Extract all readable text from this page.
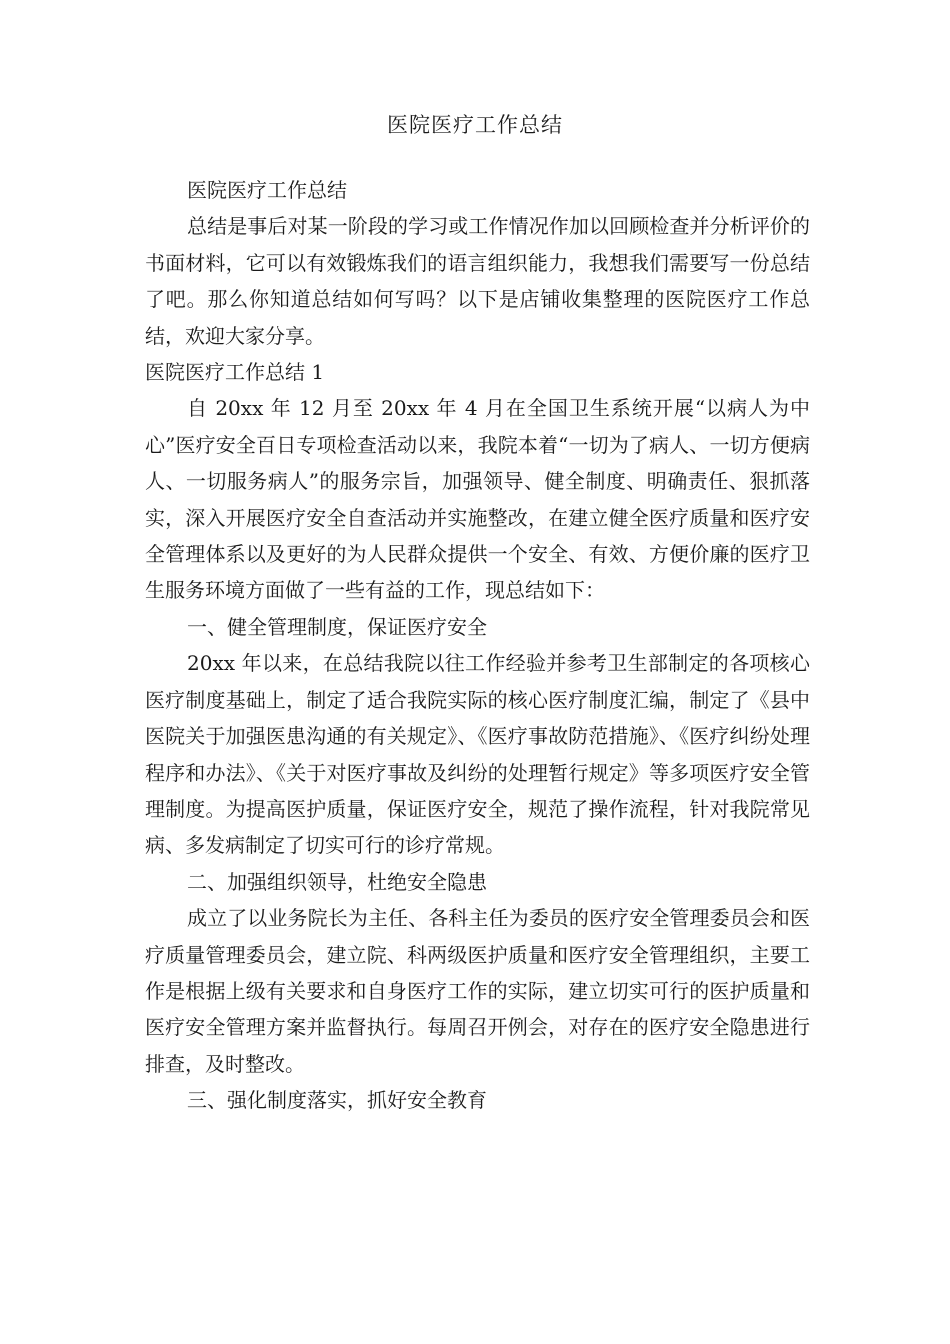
医院医疗工作总结

医院医疗工作总结

总结是事后对某一阶段的学习或工作情况作加以回顾检查并分析评价的书面材料，它可以有效锻炼我们的语言组织能力，我想我们需要写一份总结了吧。那么你知道总结如何写吗？以下是店铺收集整理的医院医疗工作总结，欢迎大家分享。

医院医疗工作总结 1

自 20xx 年 12 月至 20xx 年 4 月在全国卫生系统开展“以病人为中心”医疗安全百日专项检查活动以来，我院本着“一切为了病人、一切方便病人、一切服务病人”的服务宗旨，加强领导、健全制度、明确责任、狠抓落实，深入开展医疗安全自查活动并实施整改，在建立健全医疗质量和医疗安全管理体系以及更好的为人民群众提供一个安全、有效、方便价廉的医疗卫生服务环境方面做了一些有益的工作，现总结如下：

一、健全管理制度，保证医疗安全

20xx 年以来，在总结我院以往工作经验并参考卫生部制定的各项核心医疗制度基础上，制定了适合我院实际的核心医疗制度汇编，制定了《县中医院关于加强医患沟通的有关规定》、《医疗事故防范措施》、《医疗纠纷处理程序和办法》、《关于对医疗事故及纠纷的处理暂行规定》等多项医疗安全管理制度。为提高医护质量，保证医疗安全，规范了操作流程，针对我院常见病、多发病制定了切实可行的诊疗常规。

二、加强组织领导，杜绝安全隐患

成立了以业务院长为主任、各科主任为委员的医疗安全管理委员会和医疗质量管理委员会，建立院、科两级医护质量和医疗安全管理组织，主要工作是根据上级有关要求和自身医疗工作的实际，建立切实可行的医护质量和医疗安全管理方案并监督执行。每周召开例会，对存在的医疗安全隐患进行排查，及时整改。

三、强化制度落实，抓好安全教育
